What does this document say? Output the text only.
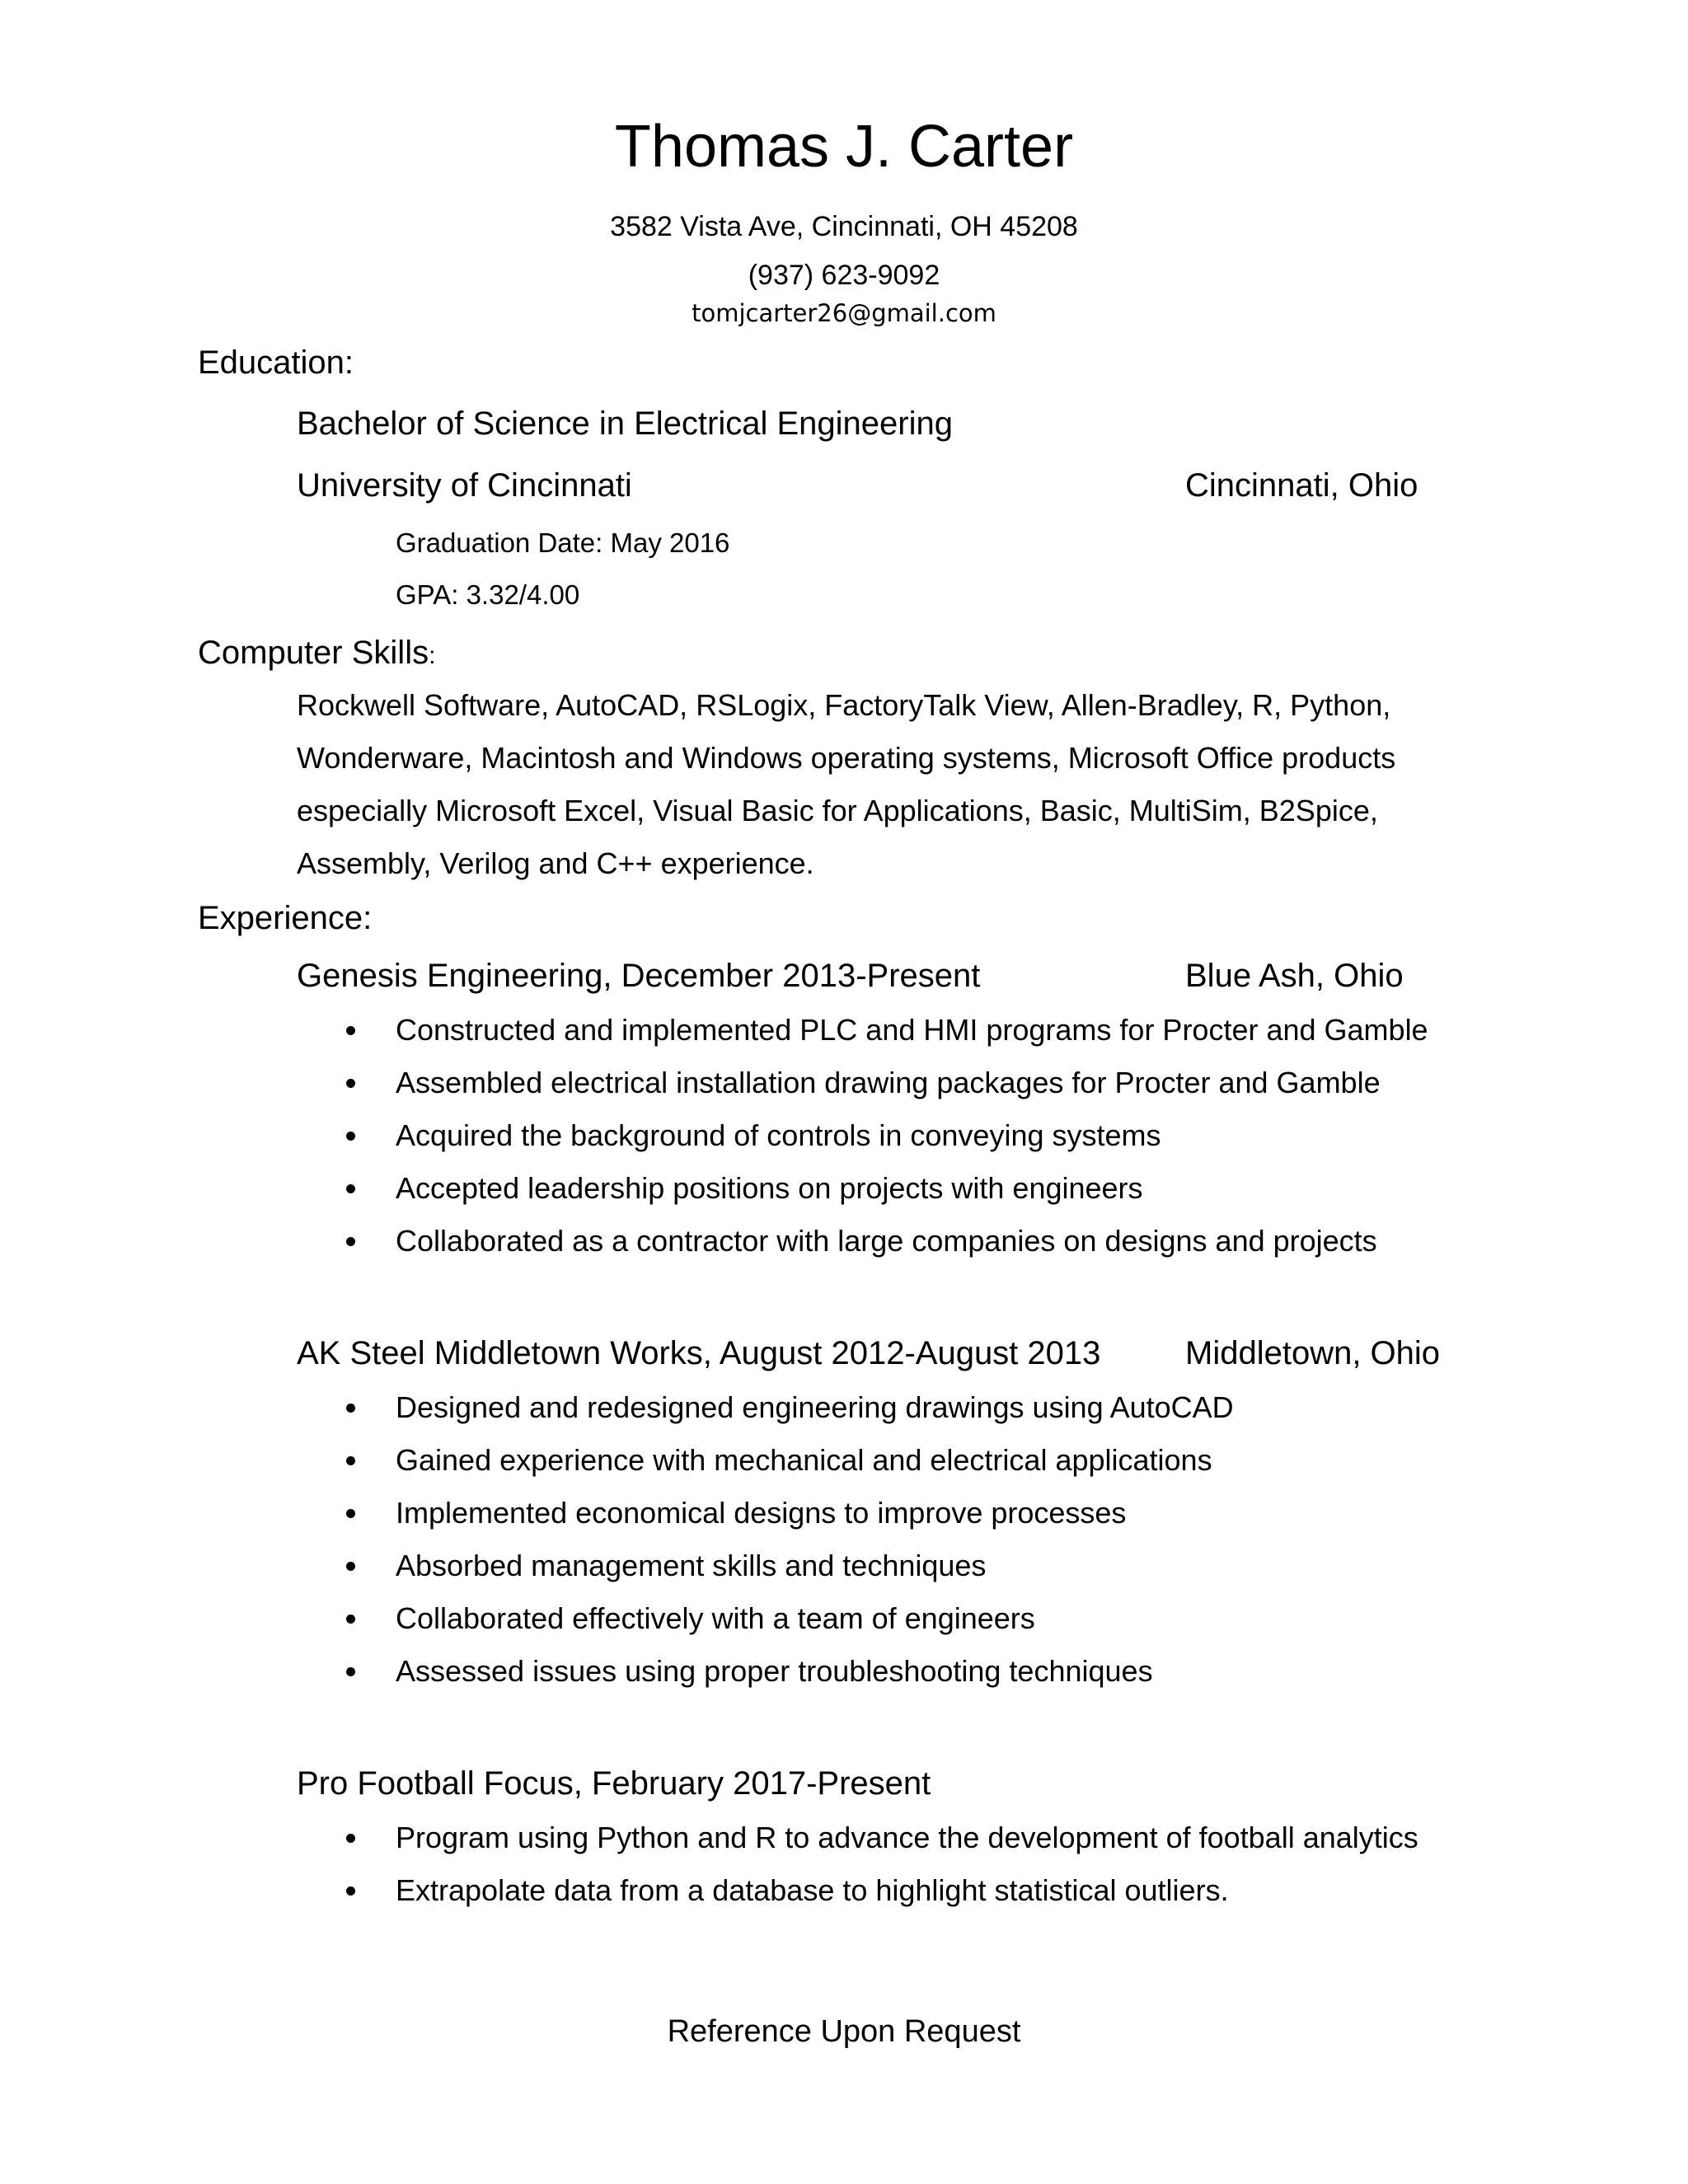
Thomas J. Carter
3582 Vista Ave, Cincinnati, OH 45208
(937) 623-9092
tomjcarter26@gmail.com
Education:
Bachelor of Science in Electrical Engineering
University of Cincinnati	Cincinnati, Ohio
Graduation Date: May 2016
GPA: 3.32/4.00
Computer Skills:
Rockwell Software, AutoCAD, RSLogix, FactoryTalk View, Allen-Bradley, R, Python,
Wonderware, Macintosh and Windows operating systems, Microsoft Office products
especially Microsoft Excel, Visual Basic for Applications, Basic, MultiSim, B2Spice,
Assembly, Verilog and C++ experience.
Experience:
Genesis Engineering, December 2013-Present	Blue Ash, Ohio
Constructed and implemented PLC and HMI programs for Procter and Gamble
Assembled electrical installation drawing packages for Procter and Gamble
Acquired the background of controls in conveying systems
Accepted leadership positions on projects with engineers
Collaborated as a contractor with large companies on designs and projects
AK Steel Middletown Works, August 2012-August 2013	Middletown, Ohio
Designed and redesigned engineering drawings using AutoCAD
Gained experience with mechanical and electrical applications
Implemented economical designs to improve processes
Absorbed management skills and techniques
Collaborated effectively with a team of engineers
Assessed issues using proper troubleshooting techniques
Pro Football Focus, February 2017-Present
Program using Python and R to advance the development of football analytics
Extrapolate data from a database to highlight statistical outliers.
Reference Upon Request
